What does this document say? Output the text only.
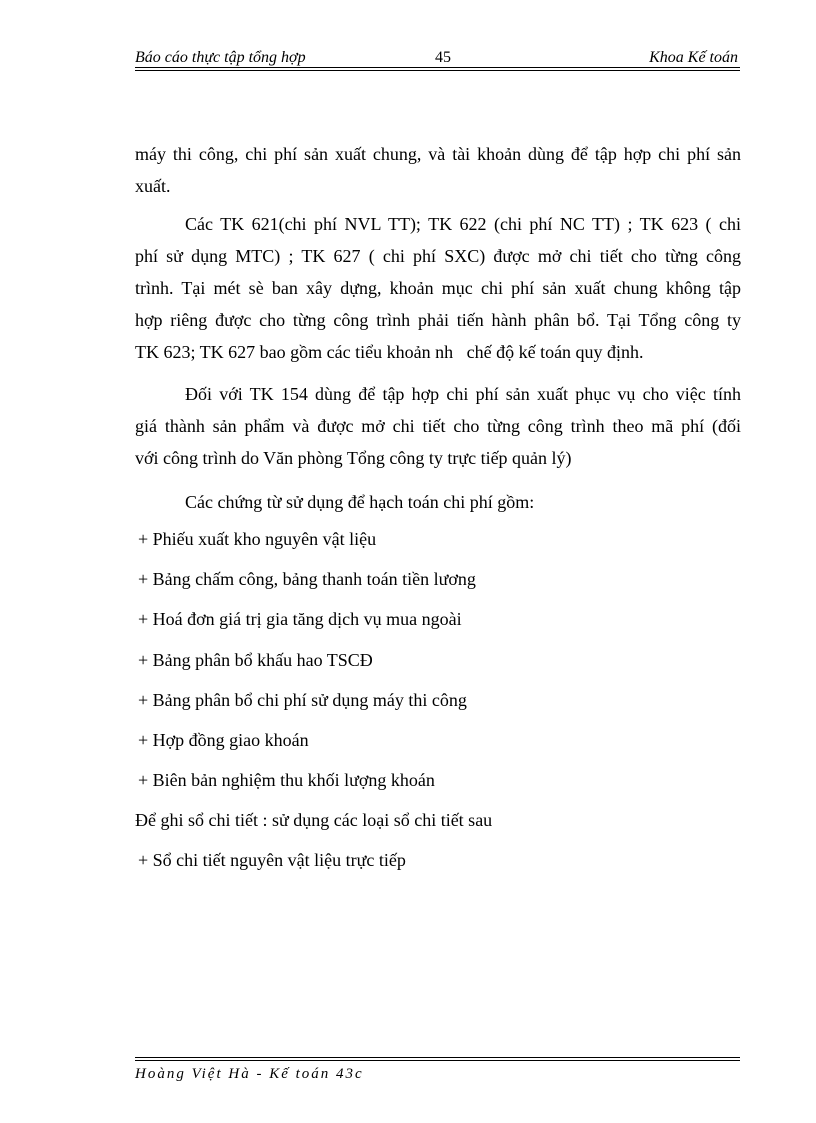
Báo cáo thực tập tổng hợp	45	Khoa Kế toán
máy thi công, chi phí sản xuất chung, và tài khoản dùng để tập hợp chi phí sản
xuất.
Các TK 621(chi phí NVL TT); TK 622 (chi phí NC TT) ; TK 623 ( chi
phí sử dụng MTC) ; TK 627 ( chi phí SXC) được mở chi tiết cho từng công
trình. Tại mét sè ban xây dựng, khoản mục chi phí sản xuất chung không tập
hợp riêng được cho từng công trình phải tiến hành phân bổ. Tại Tổng công ty
TK 623; TK 627 bao gồm các tiểu khoản nh   chế độ kế toán quy định.
Đối với TK 154 dùng để tập hợp chi phí sản xuất phục vụ cho việc tính
giá thành sản phẩm và được mở chi tiết cho từng công trình theo mã phí (đối
với công trình do Văn phòng Tổng công ty trực tiếp quản lý)
Các chứng từ sử dụng để hạch toán chi phí gồm:
+ Phiếu xuất kho nguyên vật liệu
+ Bảng chấm công, bảng thanh toán tiền lương
+ Hoá đơn giá trị gia tăng dịch vụ mua ngoài
+ Bảng phân bổ khấu hao TSCĐ
+ Bảng phân bổ chi phí sử dụng máy thi công
+ Hợp đồng giao khoán
+ Biên bản nghiệm thu khối lượng khoán
Để ghi sổ chi tiết : sử dụng các loại sổ chi tiết sau
+ Sổ chi tiết nguyên vật liệu trực tiếp
Hoàng Việt Hà - Kế toán 43c
